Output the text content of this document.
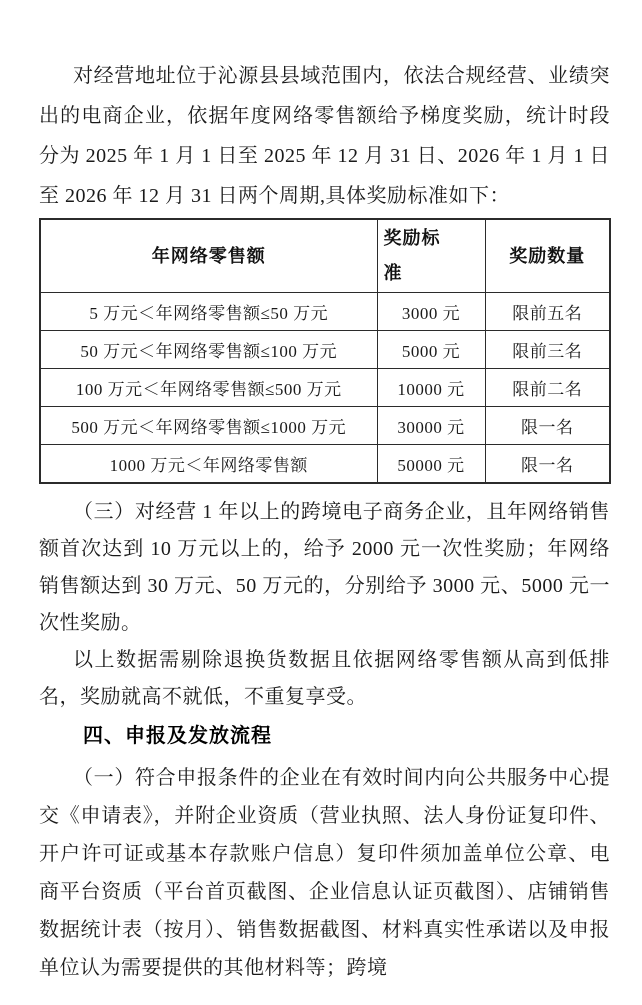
对经营地址位于沁源县县域范围内，依法合规经营、业绩突出的电商企业，依据年度网络零售额给予梯度奖励，统计时段分为 2025 年 1 月 1 日至 2025 年 12 月 31 日、2026 年 1 月 1 日至 2026 年 12 月 31 日两个周期,具体奖励标准如下：

年网络零售额	奖励标准	奖励数量
5 万元＜年网络零售额≤50 万元	3000 元	限前五名
50 万元＜年网络零售额≤100 万元	5000 元	限前三名
100 万元＜年网络零售额≤500 万元	10000 元	限前二名
500 万元＜年网络零售额≤1000 万元	30000 元	限一名
1000 万元＜年网络零售额	50000 元	限一名

（三）对经营 1 年以上的跨境电子商务企业，且年网络销售额首次达到 10 万元以上的，给予 2000 元一次性奖励；年网络销售额达到 30 万元、50 万元的，分别给予 3000 元、5000 元一次性奖励。

以上数据需剔除退换货数据且依据网络零售额从高到低排名，奖励就高不就低，不重复享受。

四、申报及发放流程

（一）符合申报条件的企业在有效时间内向公共服务中心提交《申请表》，并附企业资质（营业执照、法人身份证复印件、开户许可证或基本存款账户信息）复印件须加盖单位公章、电商平台资质（平台首页截图、企业信息认证页截图）、店铺销售数据统计表（按月）、销售数据截图、材料真实性承诺以及申报单位认为需要提供的其他材料等；跨境
